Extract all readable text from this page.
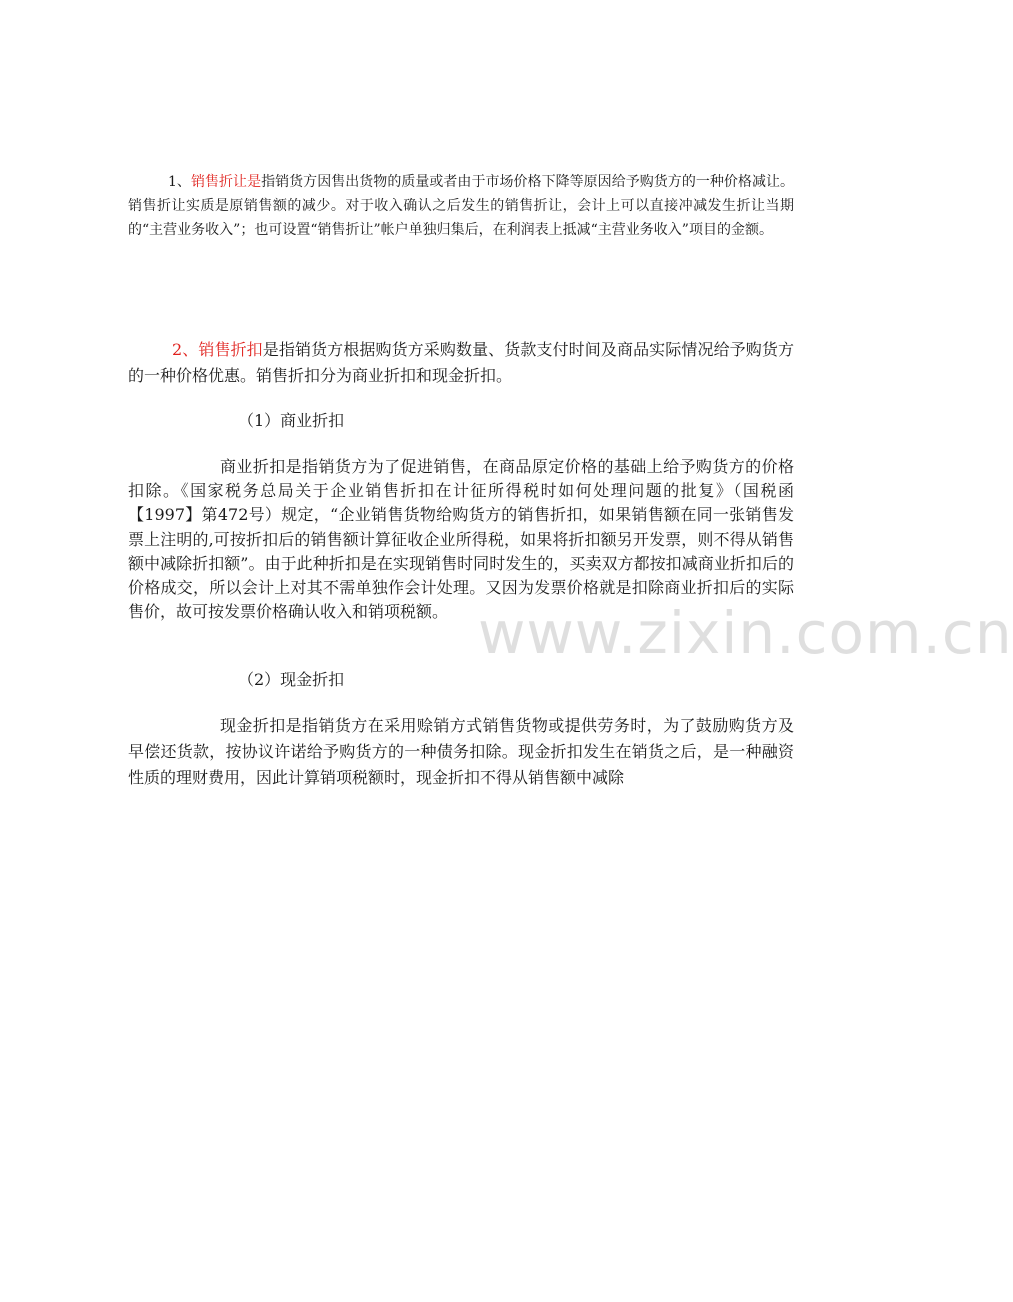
1、销售折让是指销货方因售出货物的质量或者由于市场价格下降等原因给予购货方的一种价格减让。销售折让实质是原销售额的减少。对于收入确认之后发生的销售折让，会计上可以直接冲减发生折让当期的“主营业务收入”；也可设置“销售折让”帐户单独归集后，在利润表上抵减“主营业务收入”项目的金额。

2、销售折扣是指销货方根据购货方采购数量、货款支付时间及商品实际情况给予购货方的一种价格优惠。销售折扣分为商业折扣和现金折扣。

（1）商业折扣

商业折扣是指销货方为了促进销售，在商品原定价格的基础上给予购货方的价格扣除。《国家税务总局关于企业销售折扣在计征所得税时如何处理问题的批复》（国税函【1997】第472号）规定，“企业销售货物给购货方的销售折扣，如果销售额在同一张销售发票上注明的,可按折扣后的销售额计算征收企业所得税，如果将折扣额另开发票，则不得从销售额中减除折扣额”。由于此种折扣是在实现销售时同时发生的，买卖双方都按扣减商业折扣后的价格成交，所以会计上对其不需单独作会计处理。又因为发票价格就是扣除商业折扣后的实际售价，故可按发票价格确认收入和销项税额。

（2）现金折扣

现金折扣是指销货方在采用赊销方式销售货物或提供劳务时，为了鼓励购货方及早偿还货款，按协议许诺给予购货方的一种债务扣除。现金折扣发生在销货之后，是一种融资性质的理财费用，因此计算销项税额时，现金折扣不得从销售额中减除

www.zixin.com.cn
